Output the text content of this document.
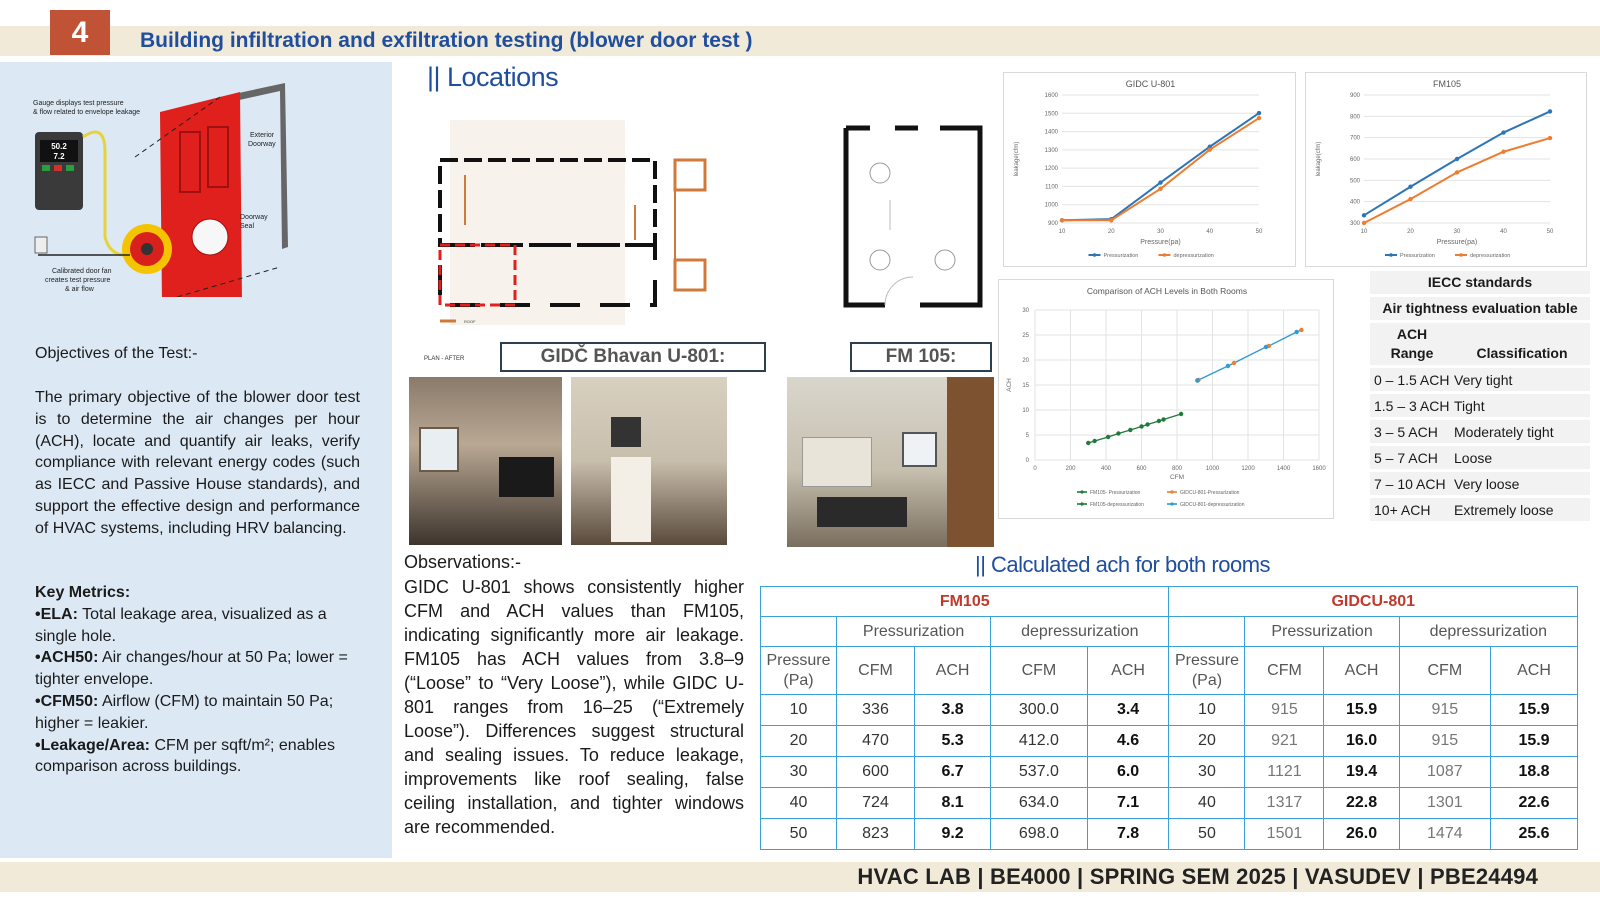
4	Building infiltration and exfiltration testing (blower door test )
50.2
7.2
Gauge displays test pressure & flow related to envelope leakage
Exterior Doorway
Doorway Seal
Calibrated door fan creates test pressure & air flow
Objectives of the Test:-
The primary objective of the blower door test is to determine the air changes per hour (ACH), locate and quantify air leaks, verify compliance with relevant energy codes (such as IECC and Passive House standards), and support the effective design and performance of HVAC systems, including HRV balancing.
Key Metrics:
•ELA: Total leakage area, visualized as a single hole.
•ACH50: Air changes/hour at 50 Pa; lower = tighter envelope.
•CFM50: Airflow (CFM) to maintain 50 Pa; higher = leakier.
•Leakage/Area: CFM per sqft/m²; enables comparison across buildings.
|| Locations
ROOF
PLAN - AFTER	GIDČ Bhavan U-801:	FM 105:
GIDC U-801
900
1000
1100
1200
1300
1400
1500
1600
10	20	30	40	50
Pressure(pa)
leakage(cfm)
Pressurization	depressurization
FM105
300
400
500
600
700
800
900
10	20	30	40	50
Pressure(pa)
leakage(cfm)
Pressurization	depressurization
Comparison of ACH Levels in Both Rooms
0
5
10
15
20
25
30
0	200	400	600	800	1000	1200	1400	1600
CFM
ACH
FM105- Pressurization
FM105-depressurization
GIDCU-801-Pressurization
GIDCU-801-depressurization
IECC standards
Air tightness evaluation table
ACH Range	Classification
0 – 1.5 ACH Very tight
1.5 – 3 ACH Tight
3 – 5 ACH	Moderately tight
5 – 7 ACH	Loose
7 – 10 ACH Very loose
10+ ACH	Extremely loose
Observations:-
GIDC U-801 shows consistently higher CFM and ACH values than FM105, indicating significantly more air leakage. FM105 has ACH values from 3.8–9 (“Loose” to “Very Loose”), while GIDC U-801 ranges from 16–25 (“Extremely Loose”). Differences suggest structural and sealing issues. To reduce leakage, improvements like roof sealing, false ceiling installation, and tighter windows are recommended.
|| Calculated ach for both rooms
FM105					GIDCU-801				
	Pressurization		depressurization			Pressurization		depressurization	
Pressure(Pa)	CFM	ACH	CFM	ACH	Pressure(Pa)	CFM	ACH	CFM	ACH
10	336	3.8	300.0	3.4	10	915	15.9	915	15.9
20	470	5.3	412.0	4.6	20	921	16.0	915	15.9
30	600	6.7	537.0	6.0	30	1121	19.4	1087	18.8
40	724	8.1	634.0	7.1	40	1317	22.8	1301	22.6
50	823	9.2	698.0	7.8	50	1501	26.0	1474	25.6
HVAC LAB | BE4000 | SPRING SEM 2025 | VASUDEV | PBE24494
